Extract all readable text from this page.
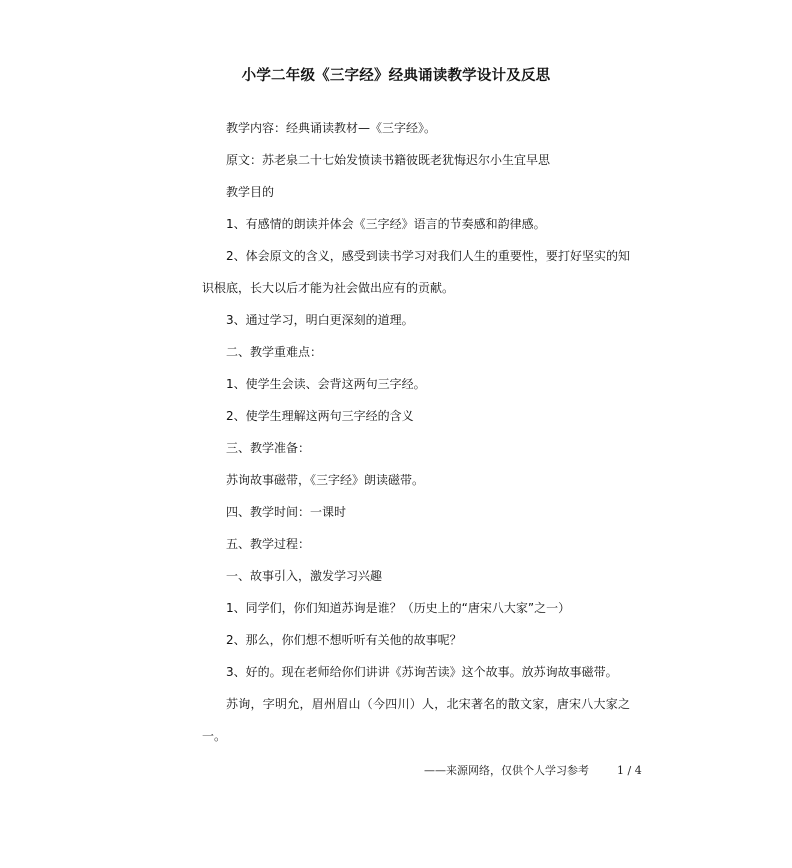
小学二年级《三字经》经典诵读教学设计及反思

教学内容：经典诵读教材—《三字经》。

原文：苏老泉二十七始发愤读书籍彼既老犹悔迟尔小生宜早思

教学目的

1、有感情的朗读并体会《三字经》语言的节奏感和韵律感。

2、体会原文的含义，感受到读书学习对我们人生的重要性，要打好坚实的知识根底，长大以后才能为社会做出应有的贡献。

3、通过学习，明白更深刻的道理。

二、教学重难点：

1、使学生会读、会背这两句三字经。

2、使学生理解这两句三字经的含义

三、教学准备：

苏询故事磁带，《三字经》朗读磁带。

四、教学时间：一课时

五、教学过程：

一、故事引入，激发学习兴趣

1、同学们，你们知道苏询是谁？（历史上的“唐宋八大家”之一）

2、那么，你们想不想听听有关他的故事呢？

3、好的。现在老师给你们讲讲《苏询苦读》这个故事。放苏询故事磁带。

苏询，字明允，眉州眉山（今四川）人，北宋著名的散文家，唐宋八大家之一。

——来源网络，仅供个人学习参考	1 / 4
